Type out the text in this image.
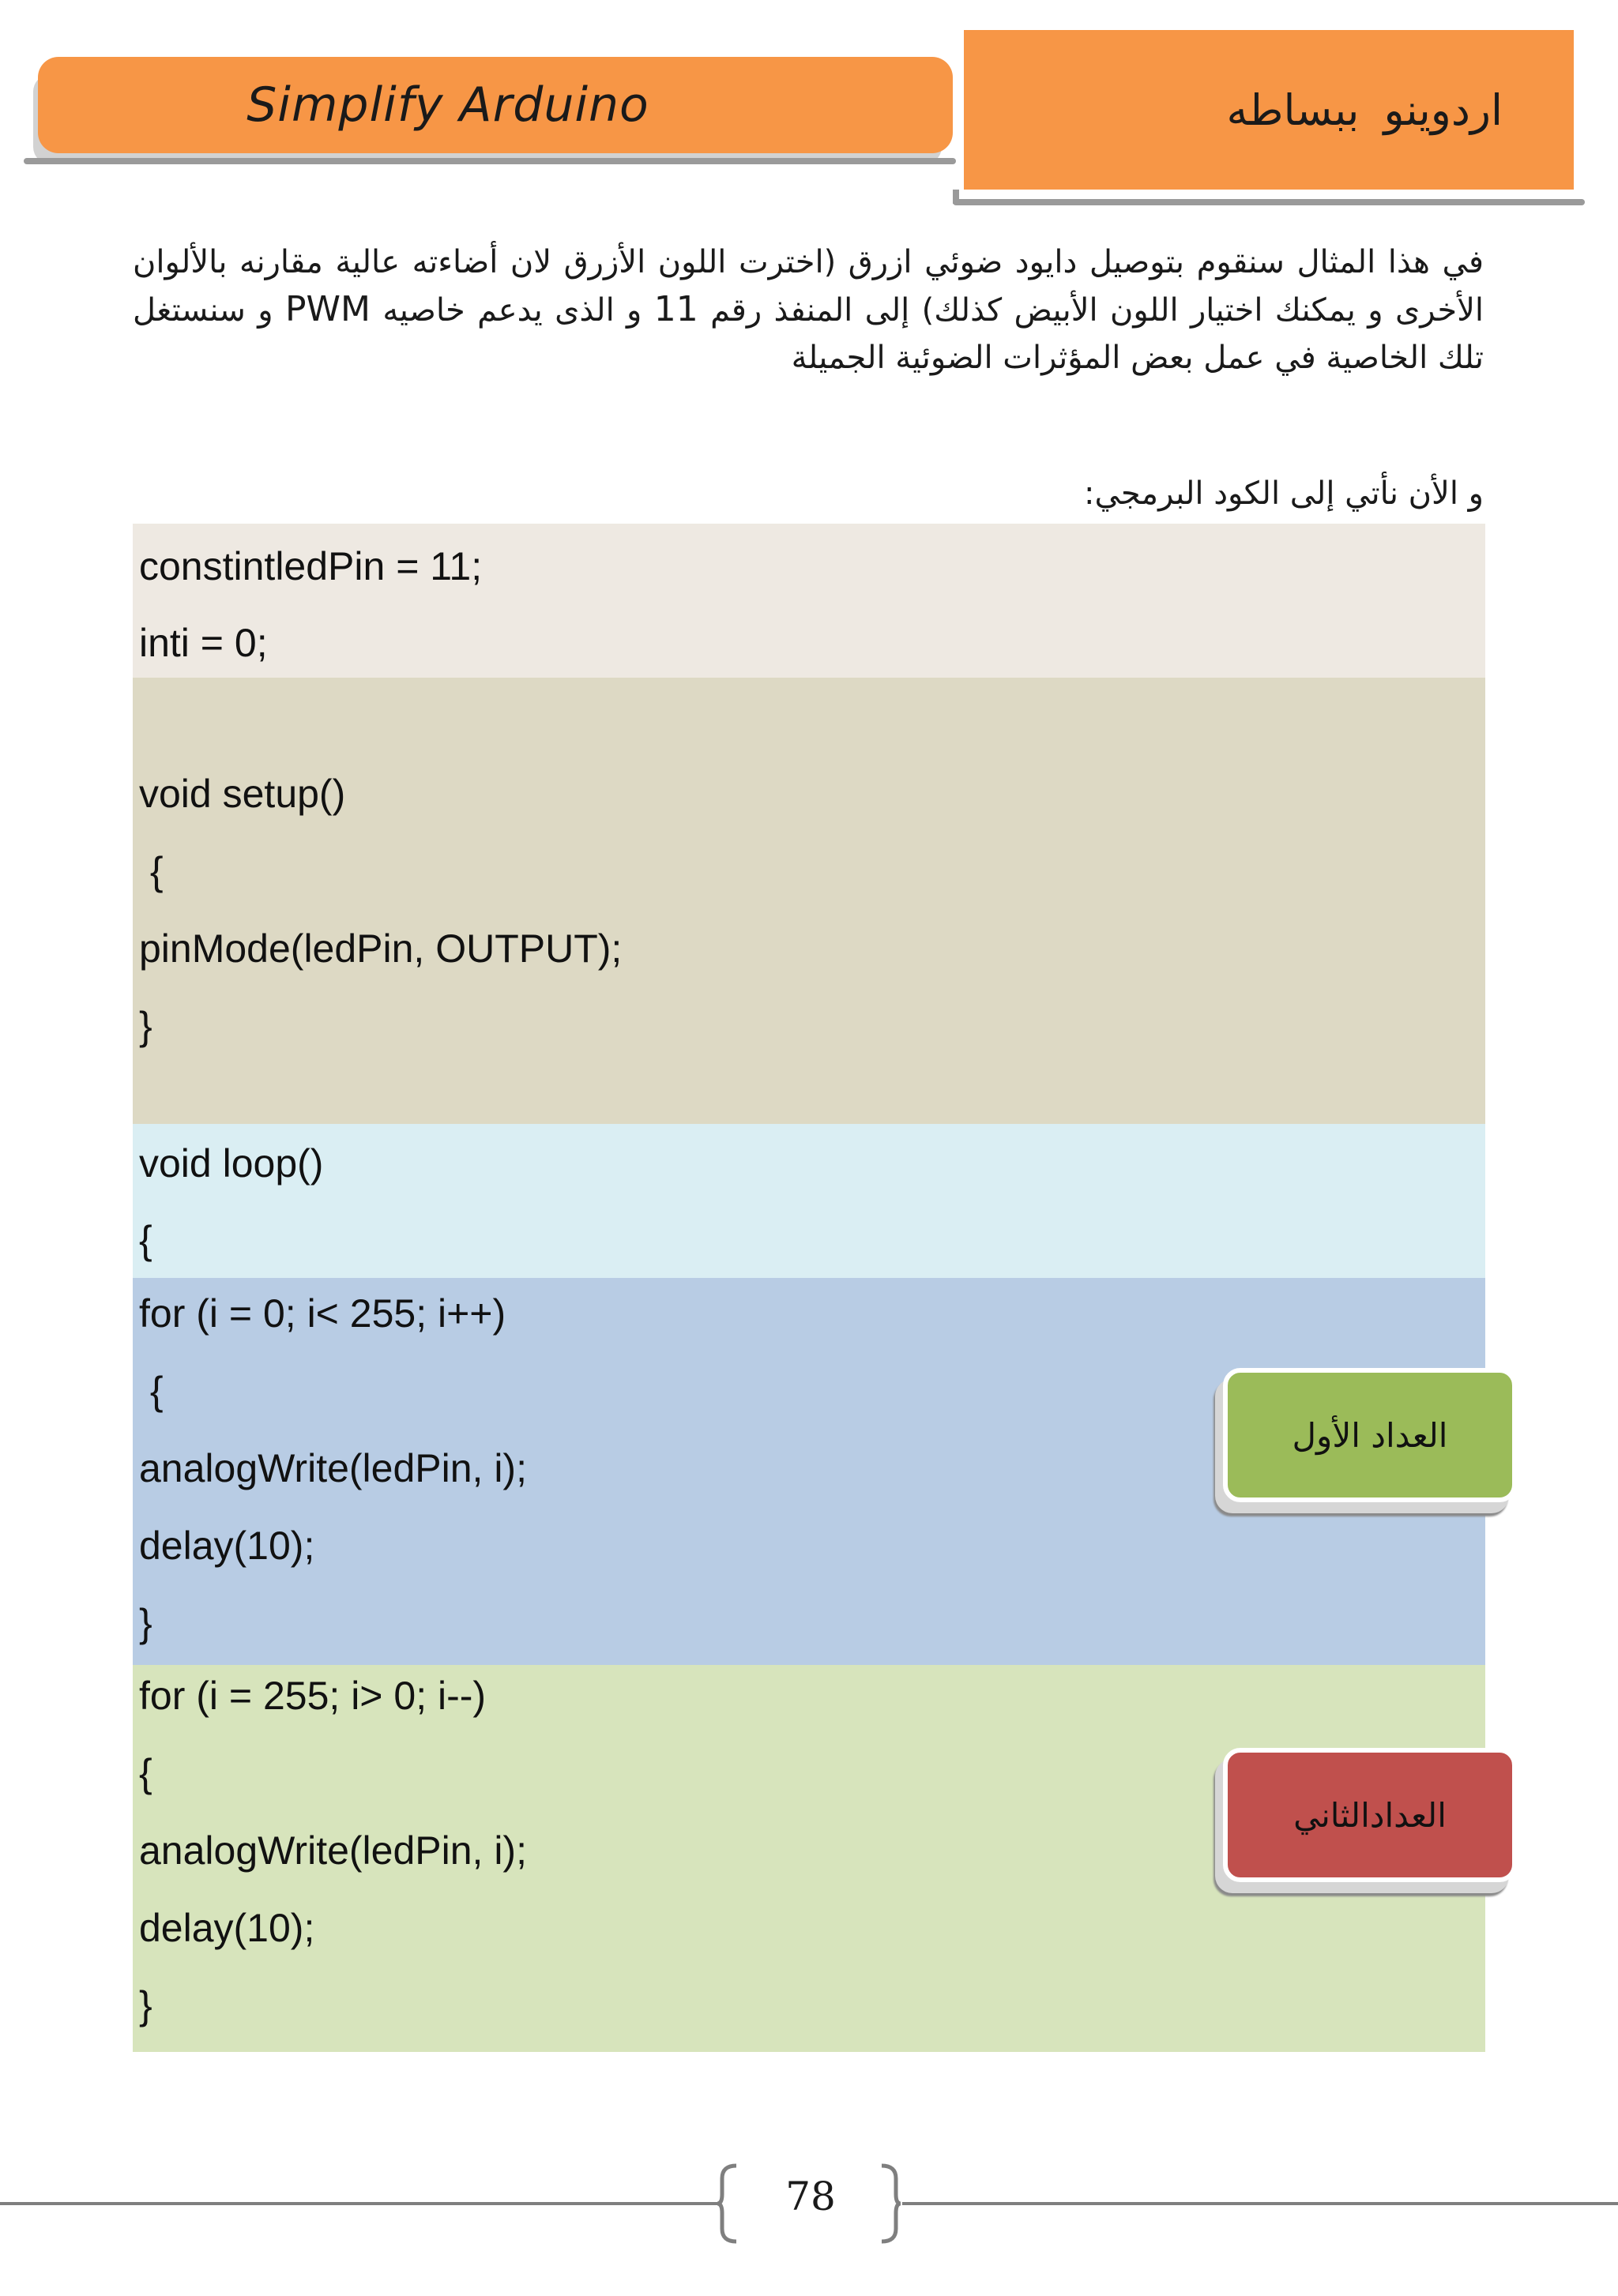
Simplify Arduino	اردوينو ببساطه
في هذا المثال سنقوم بتوصيل دايود ضوئي ازرق (اخترت اللون الأزرق لان أضاءته عالية مقارنه بالألوان الأخرى و يمكنك اختيار اللون الأبيض كذلك) إلى المنفذ رقم 11 و الذى يدعم خاصيه PWM و سنستغل تلك الخاصية في عمل بعض المؤثرات الضوئية الجميلة
و الأن نأتي إلى الكود البرمجي:
constintledPin = 11;
inti = 0;
void setup()
{
pinMode(ledPin, OUTPUT);
}
void loop()
{
for (i = 0; i< 255; i++)
{
analogWrite(ledPin, i);
delay(10);
}
for (i = 255; i> 0; i--)
{
analogWrite(ledPin, i);
delay(10);
}
العداد الأول
العدادالثاني
78
